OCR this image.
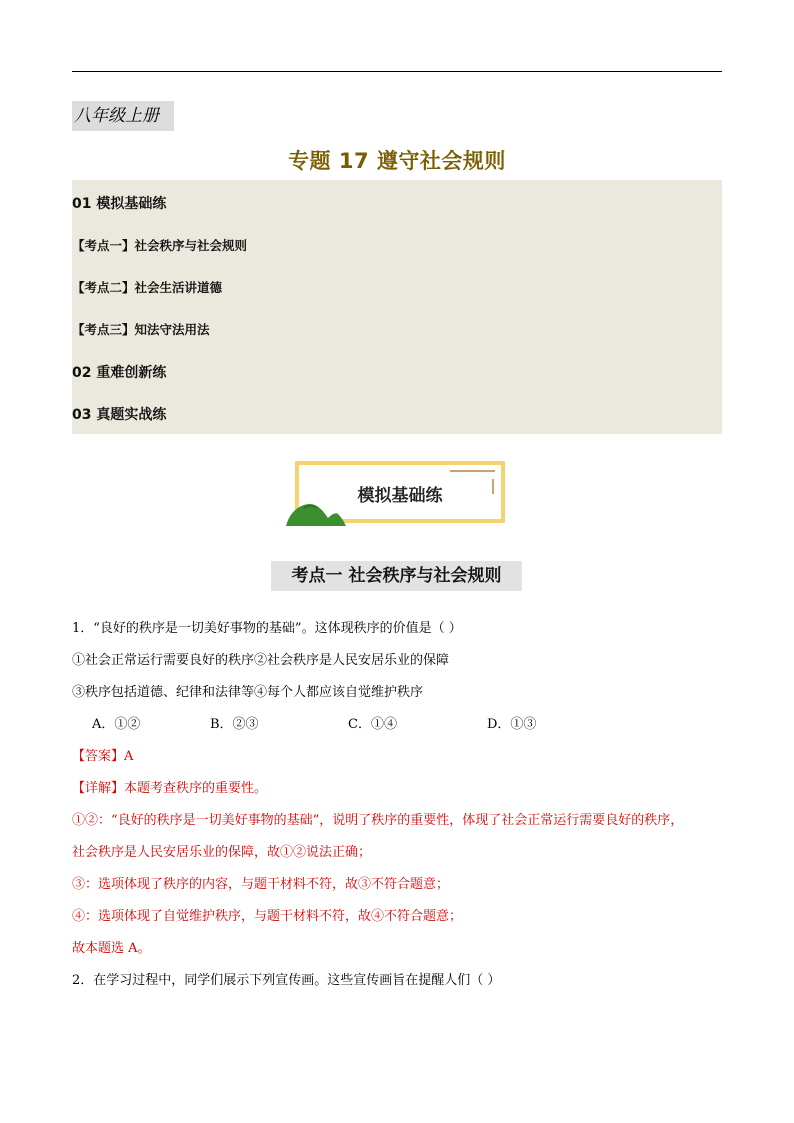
八年级上册
专题 17 遵守社会规则
01 模拟基础练
【考点一】社会秩序与社会规则
【考点二】社会生活讲道德
【考点三】知法守法用法
02 重难创新练
03 真题实战练
模拟基础练
考点一 社会秩序与社会规则
1．“良好的秩序是一切美好事物的基础”。这体现秩序的价值是（ ）
①社会正常运行需要良好的秩序②社会秩序是人民安居乐业的保障
③秩序包括道德、纪律和法律等④每个人都应该自觉维护秩序
A．①②	B．②③	C．①④	D．①③
【答案】A
【详解】本题考查秩序的重要性。
①②：“良好的秩序是一切美好事物的基础”，说明了秩序的重要性，体现了社会正常运行需要良好的秩序，
社会秩序是人民安居乐业的保障，故①②说法正确；
③：选项体现了秩序的内容，与题干材料不符，故③不符合题意；
④：选项体现了自觉维护秩序，与题干材料不符，故④不符合题意；
故本题选 A。
2．在学习过程中，同学们展示下列宣传画。这些宣传画旨在提醒人们（ ）
